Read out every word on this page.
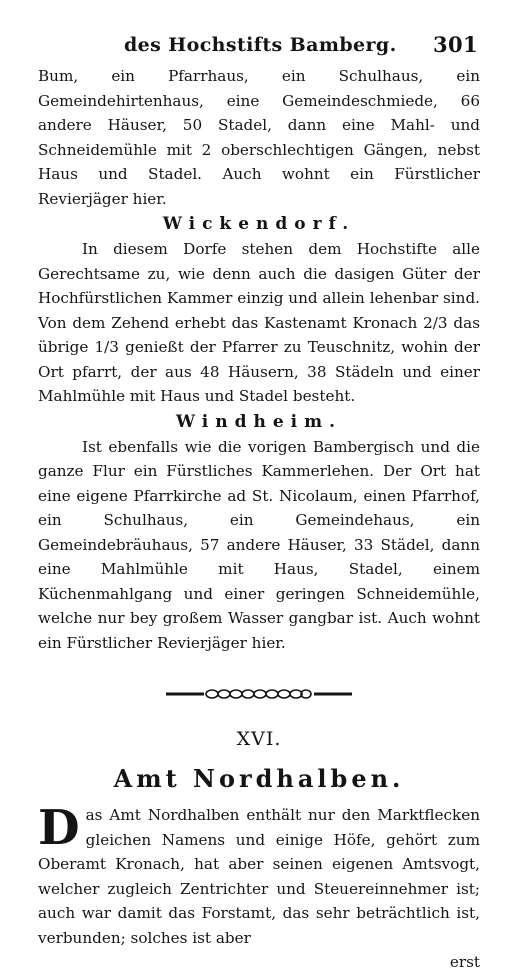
des Hochstifts Bamberg. 301

Bum, ein Pfarrhaus, ein Schulhaus, ein Gemeindehirtenhaus, eine Gemeindeschmiede, 66 andere Häuser, 50 Stadel, dann eine Mahl- und Schneidemühle mit 2 oberschlechtigen Gängen, nebst Haus und Stadel. Auch wohnt ein Fürstlicher Revierjäger hier.

Wickendorf.

In diesem Dorfe stehen dem Hochstifte alle Gerechtsame zu, wie denn auch die dasigen Güter der Hochfürstlichen Kammer einzig und allein lehenbar sind. Von dem Zehend erhebt das Kastenamt Kronach 2/3 das übrige 1/3 genießt der Pfarrer zu Teuschnitz, wohin der Ort pfarrt, der aus 48 Häusern, 38 Städeln und einer Mahlmühle mit Haus und Stadel besteht.

Windheim.

Ist ebenfalls wie die vorigen Bambergisch und die ganze Flur ein Fürstliches Kammerlehen. Der Ort hat eine eigene Pfarrkirche ad St. Nicolaum, einen Pfarrhof, ein Schulhaus, ein Gemeindehaus, ein Gemeindebräuhaus, 57 andere Häuser, 33 Städel, dann eine Mahlmühle mit Haus, Stadel, einem Küchenmahlgang und einer geringen Schneidemühle, welche nur bey großem Wasser gangbar ist. Auch wohnt ein Fürstlicher Revierjäger hier.

XVI.

Amt Nordhalben.

D as Amt Nordhalben enthält nur den Marktflecken gleichen Namens und einige Höfe, gehört zum Oberamt Kronach, hat aber seinen eigenen Amtsvogt, welcher zugleich Zentrichter und Steuereinnehmer ist; auch war damit das Forstamt, das sehr beträchtlich ist, verbunden; solches ist aber

erst
